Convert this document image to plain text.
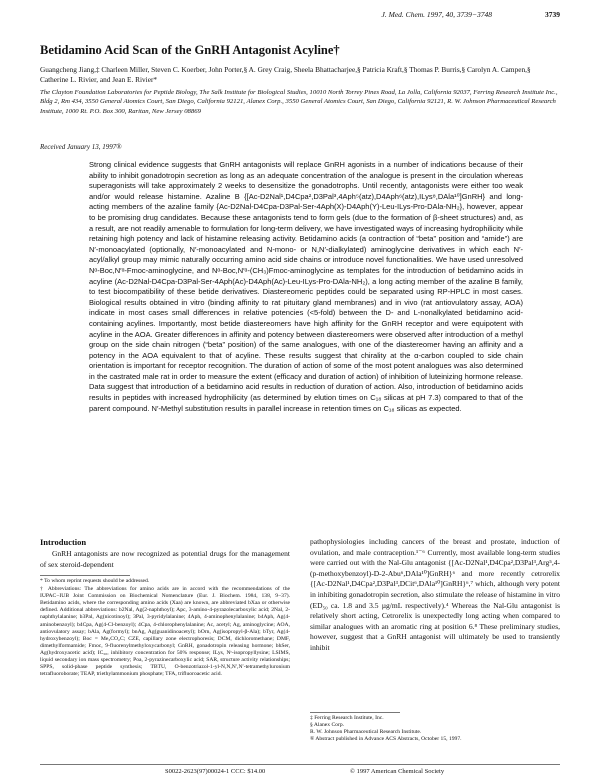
J. Med. Chem. 1997, 40, 3739−3748	3739
Betidamino Acid Scan of the GnRH Antagonist Acyline†
Guangcheng Jiang,‡ Charleen Miller, Steven C. Koerber, John Porter,§ A. Grey Craig, Sheela Bhattacharjee,§ Patricia Kraft,§ Thomas P. Burris,§ Carolyn A. Campen,§ Catherine L. Rivier, and Jean E. Rivier*
The Clayton Foundation Laboratories for Peptide Biology, The Salk Institute for Biological Studies, 10010 North Torrey Pines Road, La Jolla, California 92037, Ferring Research Institute Inc., Bldg 2, Rm 434, 3550 General Atomics Court, San Diego, California 92121, Alanex Corp., 3550 General Atomics Court, San Diego, California 92121, R. W. Johnson Pharmaceutical Research Institute, 1000 Rt. P.O. Box 300, Raritan, New Jersey 08869
Received January 13, 1997®

Strong clinical evidence suggests that GnRH antagonists will replace GnRH agonists in a number of indications because of their ability to inhibit gonadotropin secretion as long as an adequate concentration of the analogue is present in the circulation whereas superagonists will take approximately 2 weeks to desensitize the gonadotrophs. Until recently, antagonists were either too weak and/or would release histamine. Azaline B {[Ac-D2Nal¹,D4Cpa²,D3Pal³,4Aph⁵(atz),D4Aph⁶(atz),ILys⁸,DAla¹⁰]GnRH} and long-acting members of the azaline family {Ac-D2Nal-D4Cpa-D3Pal-Ser-4Aph(X)-D4Aph(Y)-Leu-ILys-Pro-DAla-NH₂}, however, appear to be promising drug candidates. Because these antagonists tend to form gels (due to the formation of β-sheet structures) and, as a result, are not readily amenable to formulation for long-term delivery, we have investigated ways of increasing hydrophilicity while retaining high potency and lack of histamine releasing activity. Betidamino acids (a contraction of “beta” position and “amide”) are N′-monoacylated (optionally, N′-monoacylated and N-mono- or N,N′-dialkylated) aminoglycine derivatives in which each N′-acyl/alkyl group may mimic naturally occurring amino acid side chains or introduce novel functionalities. We have used unresolved Nᵅ-Boc,N′ᵅ-Fmoc-aminoglycine, and Nᵅ-Boc,N′ᵅ-(CH₃)Fmoc-aminoglycine as templates for the introduction of betidamino acids in acyline (Ac-D2Nal-D4Cpa-D3Pal-Ser-4Aph(Ac)-D4Aph(Ac)-Leu-ILys-Pro-DAla-NH₂), a long acting member of the azaline B family, to test biocompatibility of these betide derivatives. Diastereomeric peptides could be separated using RP-HPLC in most cases. Biological results obtained in vitro (binding affinity to rat pituitary gland membranes) and in vivo (rat antiovulatory assay, AOA) indicate in most cases small differences in relative potencies (<5-fold) between the D- and L-nonalkylated betidamino acid-containing acylines. Importantly, most betide diastereomers have high affinity for the GnRH receptor and were equipotent with acyline in the AOA. Greater differences in affinity and potency between diastereomers were observed after introduction of a methyl group on the side chain nitrogen (“beta” position) of the same analogues, with one of the diastereomer having an affinity and a potency in the AOA equivalent to that of acyline. These results suggest that chirality at the α-carbon coupled to side chain orientation is important for receptor recognition. The duration of action of some of the most potent analogues was also determined in the castrated male rat in order to measure the extent (efficacy and duration of action) of inhibition of luteinizing hormone release. Data suggest that introduction of a betidamino acid results in reduction of duration of action. Also, introduction of betidamino acids results in peptides with increased hydrophilicity (as determined by elution times on C₁₈ silicas at pH 7.3) compared to that of the parent compound. N′-Methyl substitution results in parallel increase in retention times on C₁₈ silicas as expected.

Introduction

GnRH antagonists are now recognized as potential drugs for the management of sex steroid-dependent

* To whom reprint requests should be addressed.

† Abbreviations: The abbreviations for amino acids are in accord with the recommendations of the IUPAC−IUB Joint Commission on Biochemical Nomenclature (Eur. J. Biochem. 1984, 138, 9−37). Betidamino acids, where the corresponding amino acids (Xaa) are known, are abbreviated bXaa or otherwise defined. Additional abbreviations: b2Nal, Ag(2-naphthoyl); Apc, 3-amino-4-pyrazolecarboxylic acid; 2Nal, 2-naphthylalanine; b3Pal, Ag(nicotinoyl); 3Pal, 3-pyridylalanine; 4Aph, 4-aminophenylalanine; b4Aph, Ag(4-aminobenzoyl); b4Cpa, Ag(4-Cl-benzoyl); 4Cpa, 4-chlorophenylalanine; Ac, acetyl; Ag, aminoglycine; AOA, antiovulatory assay; bAla, Ag(formyl); bnAg, Ag(guanidinoacetyl); bOrn, Ag(isopropyl-β-Ala); bTyr, Ag(4-hydroxybenzoyl); Boc = Me₃CO₂C; CZE, capillary zone electrophoresis; DCM, dichloromethane; DMF, dimethylformamide; Fmoc, 9-fluorenylmethyloxycarbonyl; GnRH, gonadotropin releasing hormone; bhSer, Ag(hydroxyacetic acid); IC₅₀, inhibitory concentration for 50% response; ILys, Nᵋ-isopropyllysine; LSIMS, liquid secondary ion mass spectrometry; Poa, 2-pyrazinecarboxylic acid; SAR, structure activity relationships; SPPS, solid-phase peptide synthesis; TBTU, O-benzotriazol-1-yl-N,N,N′,N′-tetramethyluronium tetrafluoroborate; TEAP, triethylammonium phosphate; TFA, trifluoroacetic acid.

pathophysiologies including cancers of the breast and prostate, induction of ovulation, and male contraception.¹⁻⁶ Currently, most available long-term studies were carried out with the Nal-Glu antagonist {[Ac-D2Nal¹,D4Cpa²,D3Pal³,Arg⁵,4-(p-methoxybenzoyl)-D-2-Abu⁶,DAla¹⁰]GnRH}⁶ and more recently cetrorelix {[Ac-D2Nal¹,D4Cpa²,D3Pal³,DCit⁶,DAla¹⁰]GnRH}⁶,⁷ which, although very potent in inhibiting gonadotropin secretion, also stimulate the release of histamine in vitro (ED₅₀ ca. 1.8 and 3.5 µg/mL respectively).⁴ Whereas the Nal-Glu antagonist is relatively short acting, Cetrorelix is unexpectedly long acting when compared to similar analogues with an aromatic ring at position 6.⁸ These preliminary studies, however, suggest that a GnRH antagonist will ultimately be used to transiently inhibit

‡ Ferring Research Institute, Inc.
§ Alanex Corp.
R. W. Johnson Pharmaceutical Research Institute.
® Abstract published in Advance ACS Abstracts, October 15, 1997.
S0022-2623(97)00024-1 CCC: $14.00	© 1997 American Chemical Society
